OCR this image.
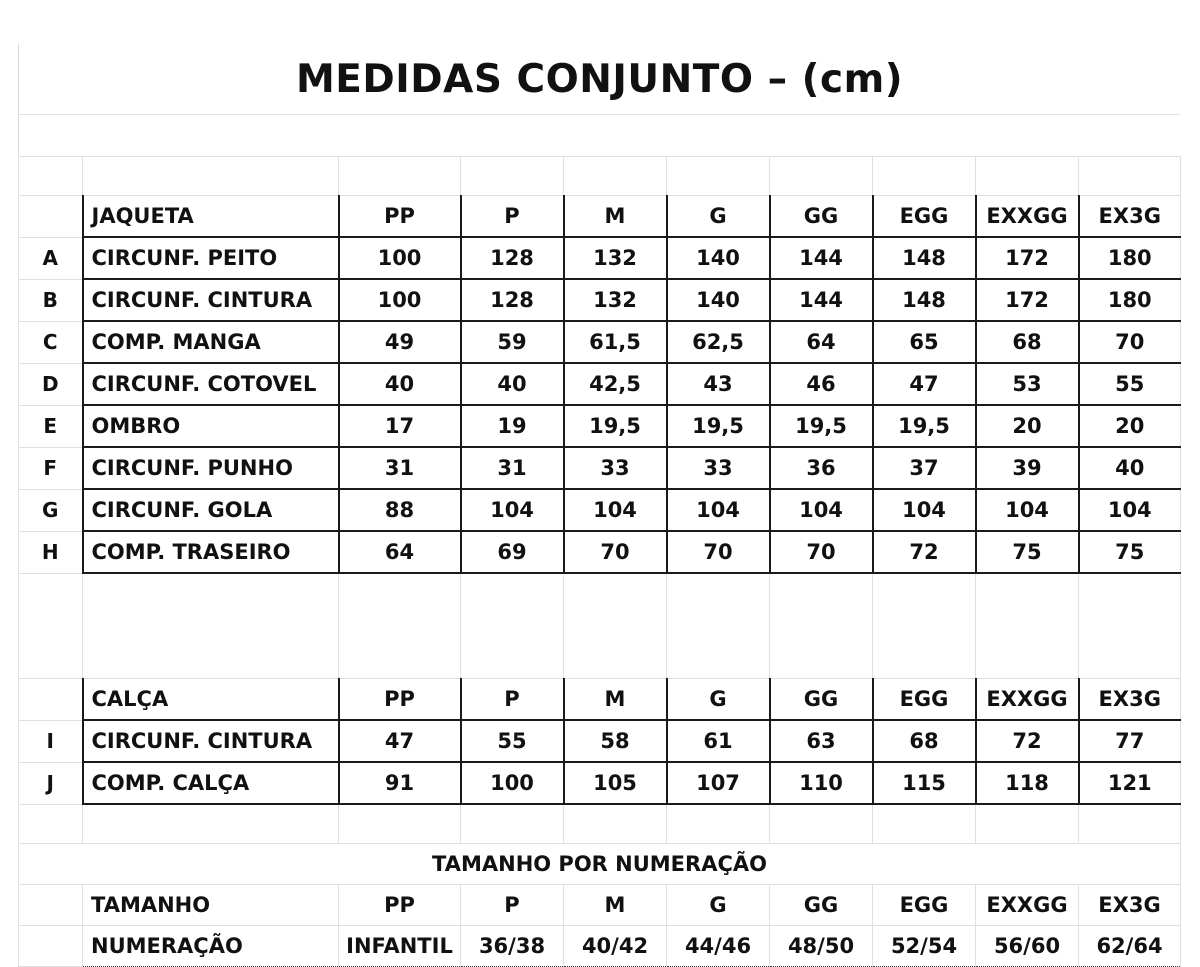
MEDIDAS CONJUNTO – (cm)

	JAQUETA	PP	P	M	G	GG	EGG	EXXGG	EX3G
A	CIRCUNF. PEITO	100	128	132	140	144	148	172	180
B	CIRCUNF. CINTURA	100	128	132	140	144	148	172	180
C	COMP. MANGA	49	59	61,5	62,5	64	65	68	70
D	CIRCUNF. COTOVEL	40	40	42,5	43	46	47	53	55
E	OMBRO	17	19	19,5	19,5	19,5	19,5	20	20
F	CIRCUNF. PUNHO	31	31	33	33	36	37	39	40
G	CIRCUNF. GOLA	88	104	104	104	104	104	104	104
H	COMP. TRASEIRO	64	69	70	70	70	72	75	75

	CALÇA	PP	P	M	G	GG	EGG	EXXGG	EX3G
I	CIRCUNF. CINTURA	47	55	58	61	63	68	72	77
J	COMP. CALÇA	91	100	105	107	110	115	118	121

TAMANHO POR NUMERAÇÃO									
	TAMANHO	PP	P	M	G	GG	EGG	EXXGG	EX3G
	NUMERAÇÃO	INFANTIL	36/38	40/42	44/46	48/50	52/54	56/60	62/64
